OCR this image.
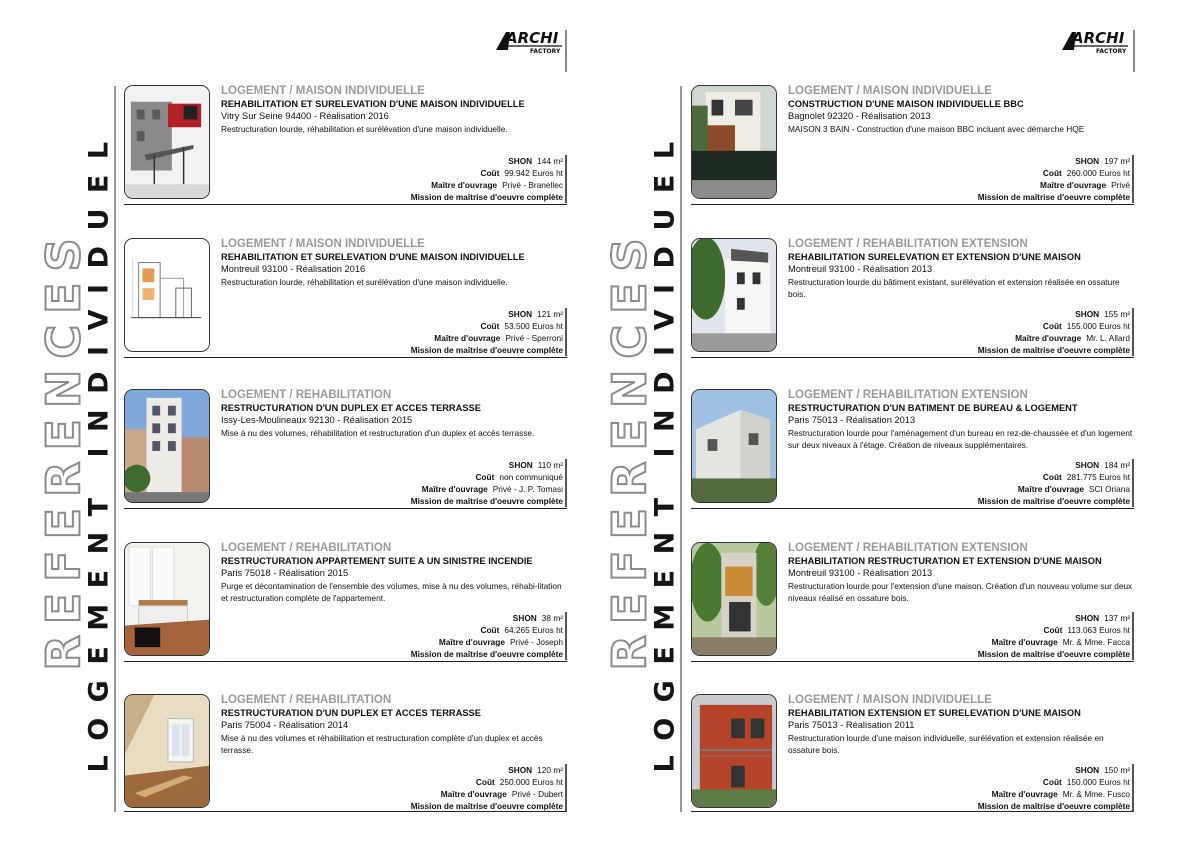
ARCHI
FACTORY
REFERENCES
LOGEMENT INDIVIDUEL
LOGEMENT / MAISON INDIVIDUELLE
REHABILITATION ET SURELEVATION D'UNE MAISON INDIVIDUELLE
Vitry Sur Seine 94400 - Réalisation 2016
Restructuration lourde, réhabilitation et surélévation d'une maison individuelle.
SHON 144 m²
Coût 99.942 Euros ht
Maître d'ouvrage Privé - Branellec
Mission de maîtrise d'oeuvre complète
LOGEMENT / MAISON INDIVIDUELLE
REHABILITATION ET SURELEVATION D'UNE MAISON INDIVIDUELLE
Montreuil 93100 - Réalisation 2016
Restructuration lourde, réhabilitation et surélévation d'une maison individuelle.
SHON 121 m²
Coût 53.500 Euros ht
Maître d'ouvrage Privé - Sperroni
Mission de maîtrise d'oeuvre complète
LOGEMENT / REHABILITATION
RESTRUCTURATION D'UN DUPLEX ET ACCES TERRASSE
Issy-Les-Moulineaux 92130 - Réalisation 2015
Mise à nu des volumes, réhabilitation et restructuration d'un duplex et accès terrasse.
SHON 110 m²
Coût non communiqué
Maître d'ouvrage Privé - J. P. Tomasi
Mission de maîtrise d'oeuvre complète
LOGEMENT / REHABILITATION
RESTRUCTURATION APPARTEMENT SUITE A UN SINISTRE INCENDIE
Paris 75018 - Réalisation 2015
Purge et décontamination de l'ensemble des volumes, mise à nu des volumes, réhabi-litation et restructuration complète de l'appartement.
SHON 38 m²
Coût 64.265 Euros ht
Maître d'ouvrage Privé - Joseph
Mission de maîtrise d'oeuvre complète
LOGEMENT / REHABILITATION
RESTRUCTURATION D'UN DUPLEX ET ACCES TERRASSE
Paris 75004 - Réalisation 2014
Mise à nu des volumes et réhabilitation et restructuration complète d'un duplex et accès terrasse.
SHON 120 m²
Coût 250.000 Euros ht
Maître d'ouvrage Privé - Dubert
Mission de maîtrise d'oeuvre complète
ARCHI
FACTORY
REFERENCES
LOGEMENT INDIVIDUEL
LOGEMENT / MAISON INDIVIDUELLE
CONSTRUCTION D'UNE MAISON INDIVIDUELLE BBC
Bagnolet 92320 - Réalisation 2013
MAISON 3 BAIN - Construction d'une maison BBC incluant avec démarche HQE
SHON 197 m²
Coût 260.000 Euros ht
Maître d'ouvrage Privé
Mission de maîtrise d'oeuvre complète
LOGEMENT / REHABILITATION EXTENSION
REHABILITATION SURELEVATION ET EXTENSION D'UNE MAISON
Montreuil 93100 - Réalisation 2013
Restructuration lourde du bâtiment existant, surélévation et extension réalisée en ossature bois.
SHON 155 m²
Coût 155.000 Euros ht
Maître d'ouvrage Mr. L. Allard
Mission de maîtrise d'oeuvre complète
LOGEMENT / REHABILITATION EXTENSION
RESTRUCTURATION D'UN BATIMENT DE BUREAU & LOGEMENT
Paris 75013 - Réalisation 2013
Restructuration lourde pour l'aménagement d'un bureau en rez-de-chaussée et d'un logement sur deux niveaux à l'étage. Création de niveaux supplémentaires.
SHON 184 m²
Coût 281.775 Euros ht
Maître d'ouvrage SCI Oriana
Mission de maîtrise d'oeuvre complète
LOGEMENT / REHABILITATION EXTENSION
REHABILITATION RESTRUCTURATION ET EXTENSION D'UNE MAISON
Montreuil 93100 - Réalisation 2013
Restructuration lourde pour l'extension d'une maison. Création d'un nouveau volume sur deux niveaux réalisé en ossature bois.
SHON 137 m²
Coût 113.063 Euros ht
Maître d'ouvrage Mr. & Mme. Facca
Mission de maîtrise d'oeuvre complète
LOGEMENT / MAISON INDIVIDUELLE
REHABILITATION EXTENSION ET SURELEVATION D'UNE MAISON
Paris 75013 - Réalisation 2011
Restructuration lourde d'une maison individuelle, surélévation et extension réalisée en ossature bois.
SHON 150 m²
Coût 150.000 Euros ht
Maître d'ouvrage Mr. & Mme. Fusco
Mission de maîtrise d'oeuvre complète
